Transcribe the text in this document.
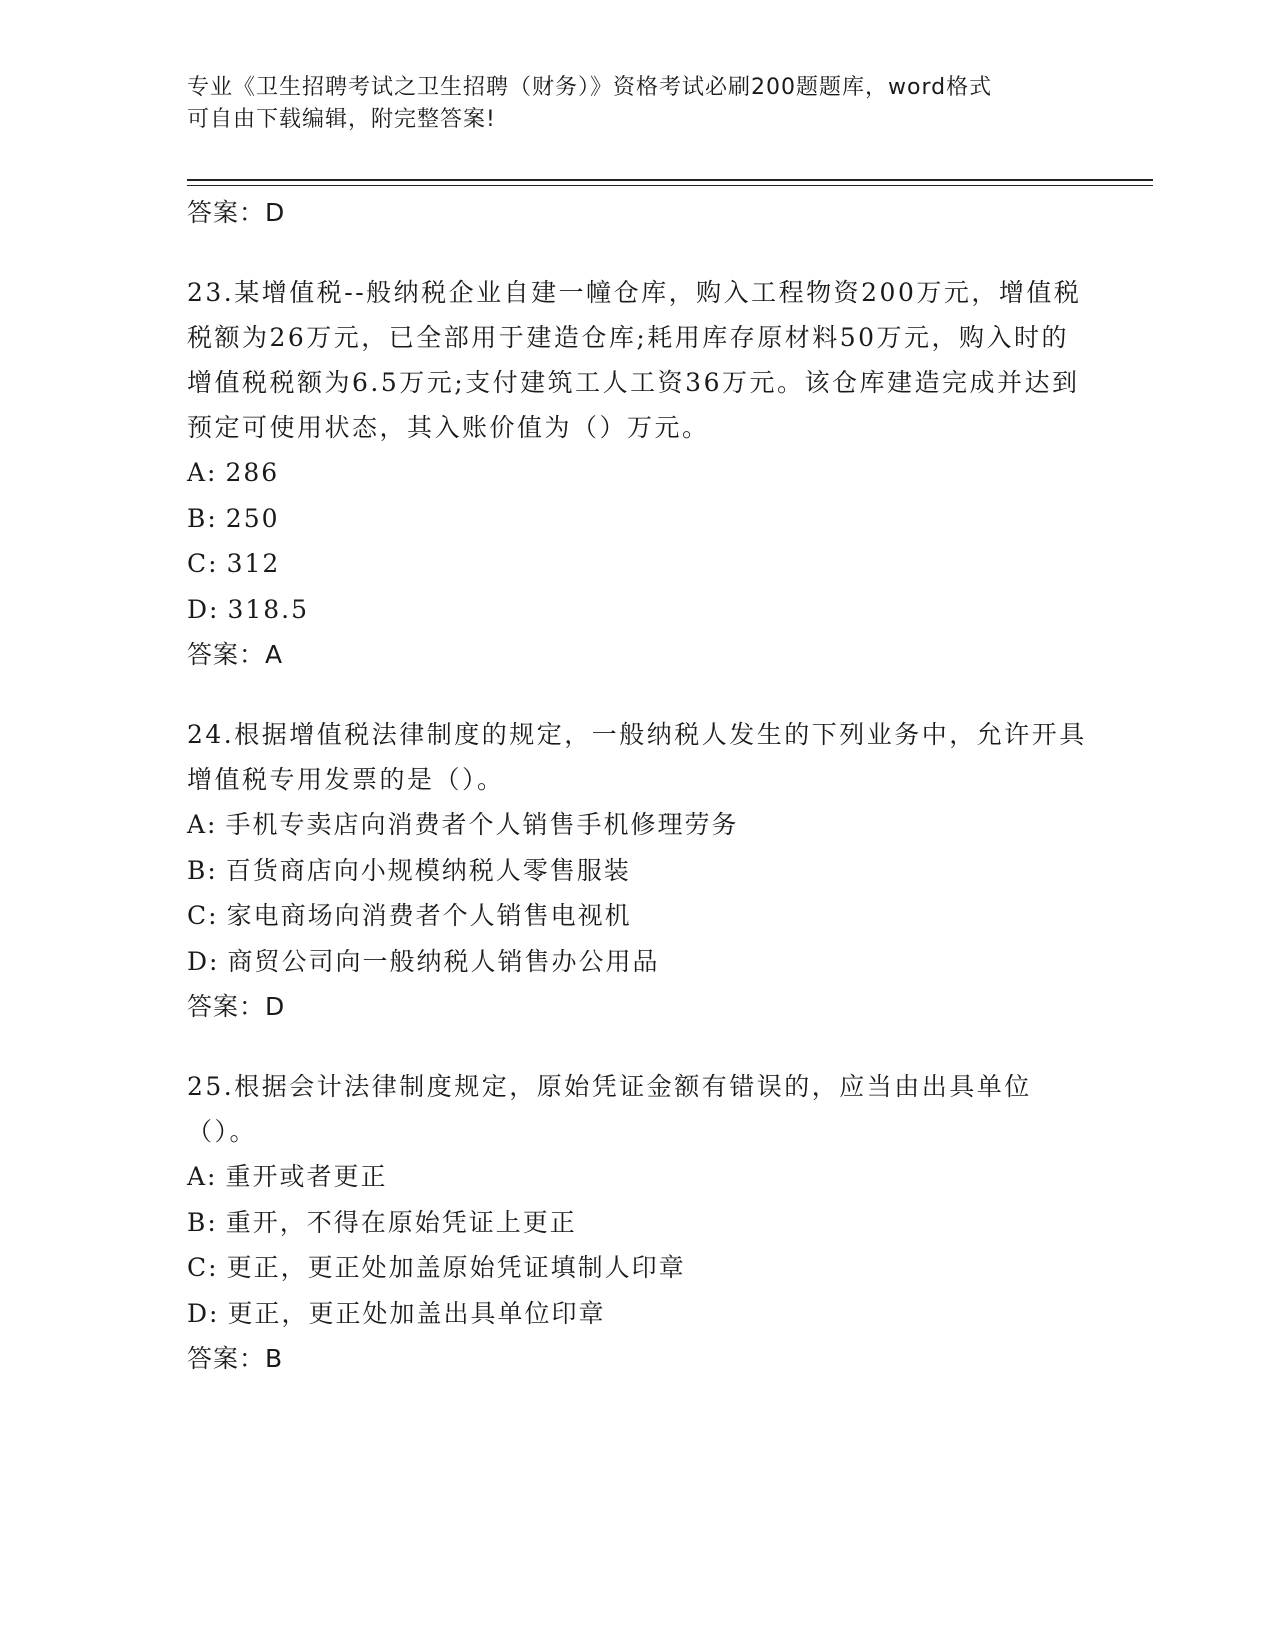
专业《卫生招聘考试之卫生招聘（财务）》资格考试必刷200题题库，word格式
可自由下载编辑，附完整答案!
答案：D
23.某增值税--般纳税企业自建一幢仓库，购入工程物资200万元，增值税税额为26万元，已全部用于建造仓库;耗用库存原材料50万元，购入时的增值税税额为6.5万元;支付建筑工人工资36万元。该仓库建造完成并达到预定可使用状态，其入账价值为（）万元。
A: 286
B: 250
C: 312
D: 318.5
答案：A
24.根据增值税法律制度的规定，一般纳税人发生的下列业务中，允许开具增值税专用发票的是（）。
A: 手机专卖店向消费者个人销售手机修理劳务
B: 百货商店向小规模纳税人零售服装
C: 家电商场向消费者个人销售电视机
D: 商贸公司向一般纳税人销售办公用品
答案：D
25.根据会计法律制度规定，原始凭证金额有错误的，应当由出具单位（）。
A: 重开或者更正
B: 重开，不得在原始凭证上更正
C: 更正，更正处加盖原始凭证填制人印章
D: 更正，更正处加盖出具单位印章
答案：B
